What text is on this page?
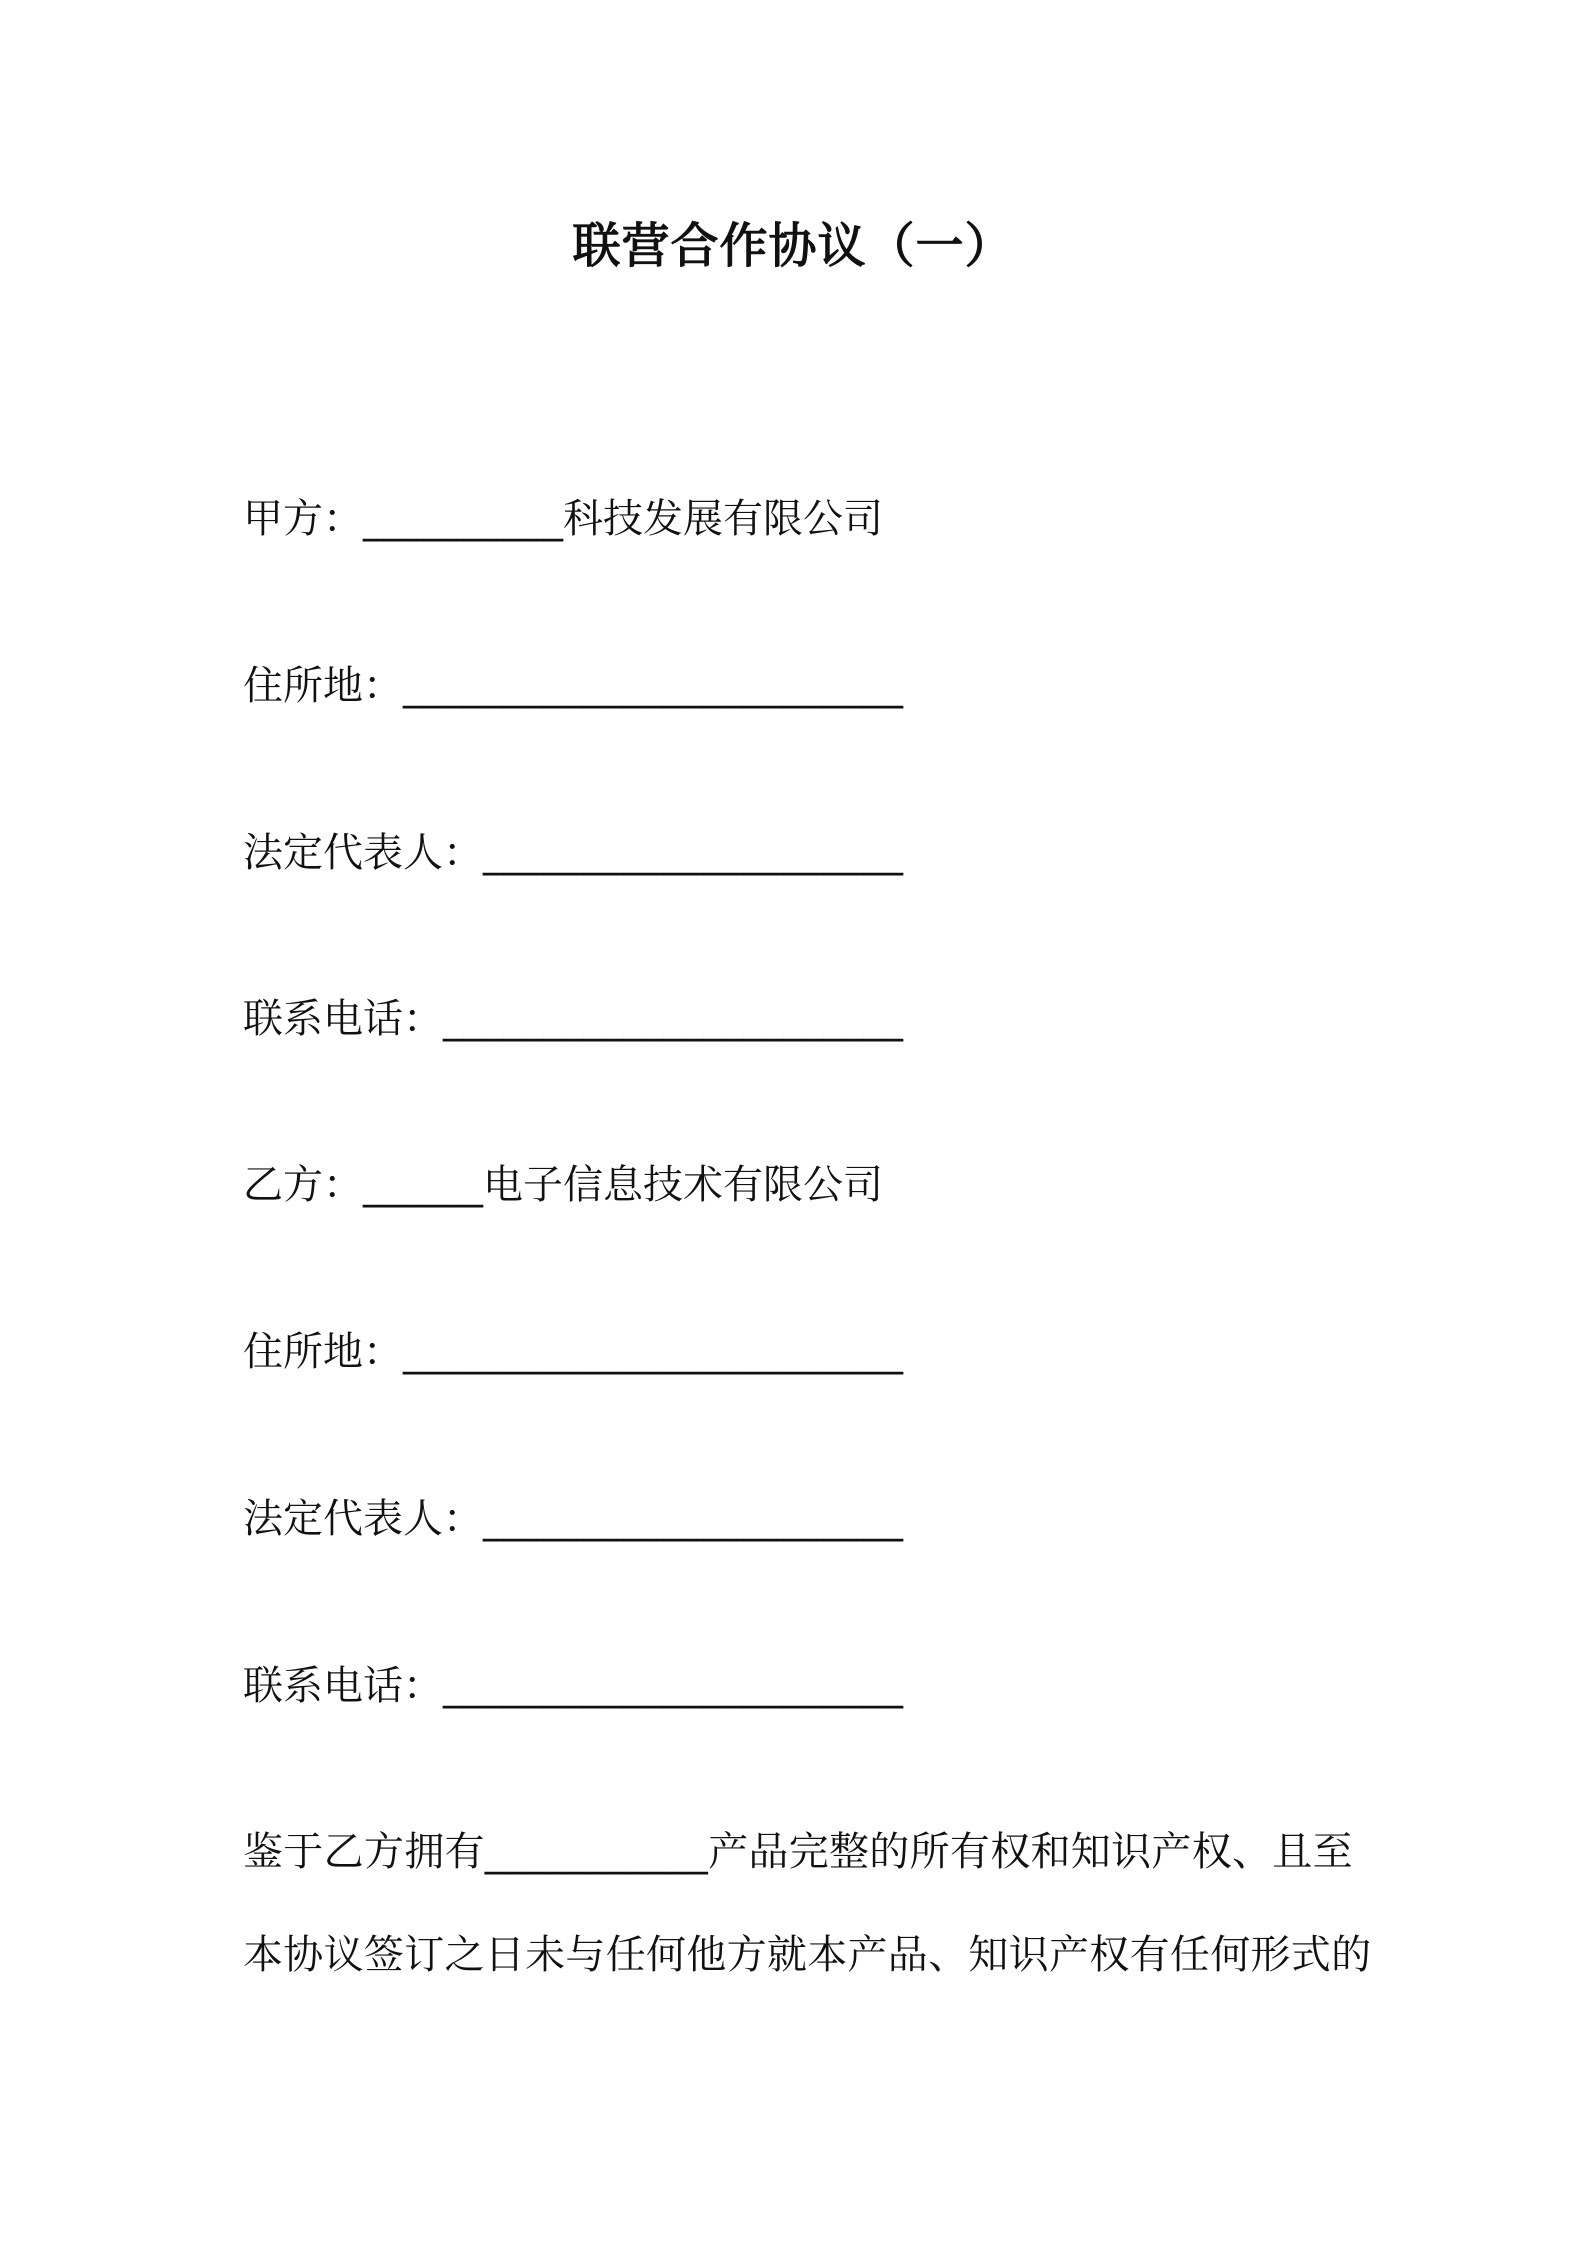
联营合作协议（一）
甲方：__________科技发展有限公司
住所地：_________________________
法定代表人：_____________________
联系电话：_______________________
乙方：______电子信息技术有限公司
住所地：_________________________
法定代表人：_____________________
联系电话：_______________________
鉴于乙方拥有___________产品完整的所有权和知识产权、且至
本协议签订之日未与任何他方就本产品、知识产权有任何形式的
